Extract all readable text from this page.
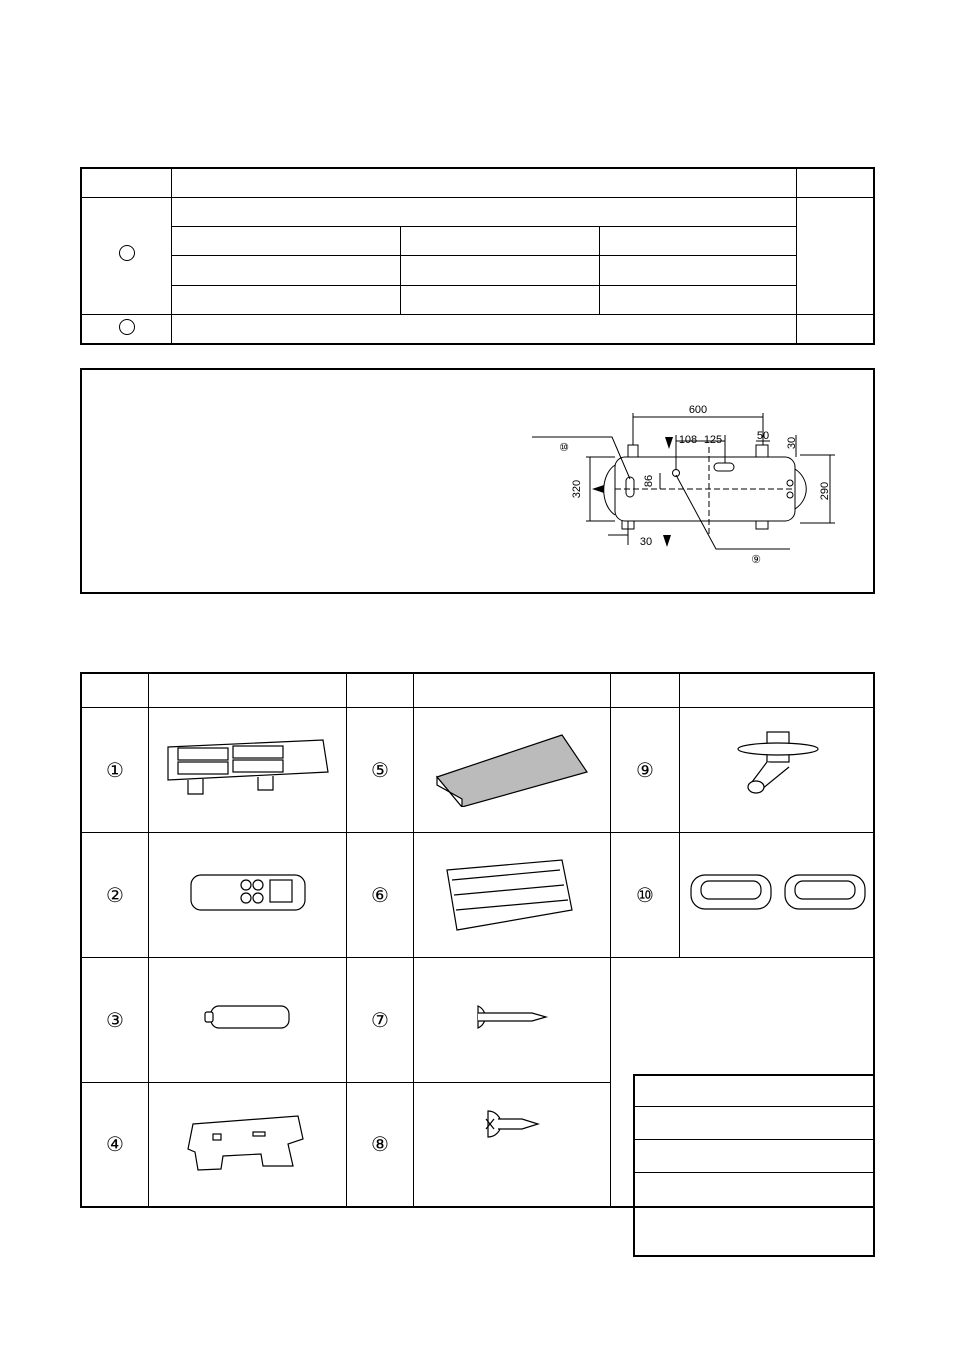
600
108 125	50
30
320	86
290
30
⑩
⑨

①		⑤		⑨	
②		⑥		⑩	
③		⑦		
④		⑧	
